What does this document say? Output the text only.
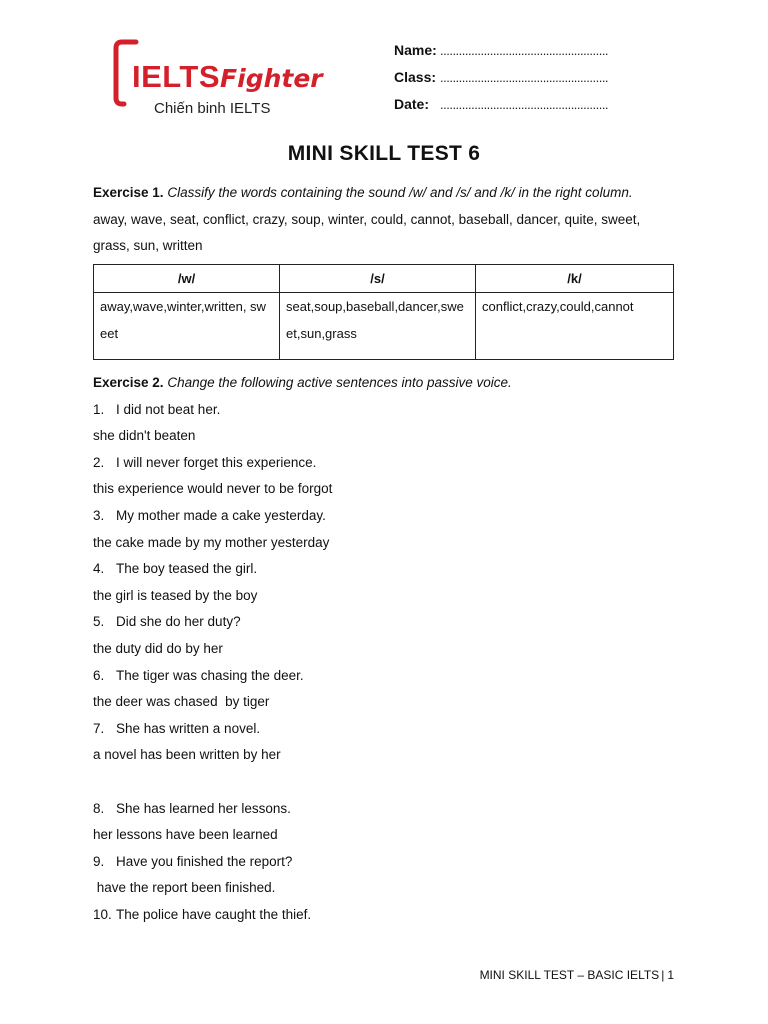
IELTSFighter
Chiến binh IELTS
Name: ......................................................
Class: ......................................................
Date: ......................................................
MINI SKILL TEST 6
Exercise 1. Classify the words containing the sound /w/ and /s/ and /k/ in the right column.
away, wave, seat, conflict, crazy, soup, winter, could, cannot, baseball, dancer, quite, sweet,
grass, sun, written
/w/	/s/	/k/
away,wave,winter,written, sweet	seat,soup,baseball,dancer,sweet,sun,grass	conflict,crazy,could,cannot
Exercise 2. Change the following active sentences into passive voice.
1. I did not beat her.
she didn't beaten
2. I will never forget this experience.
this experience would never to be forgot
3. My mother made a cake yesterday.
the cake made by my mother yesterday
4. The boy teased the girl.
the girl is teased by the boy
5. Did she do her duty?
the duty did do by her
6. The tiger was chasing the deer.
the deer was chased  by tiger
7. She has written a novel.
a novel has been written by her
8. She has learned her lessons.
her lessons have been learned
9. Have you finished the report?
have the report been finished.
10. The police have caught the thief.
MINI SKILL TEST – BASIC IELTS | 1
